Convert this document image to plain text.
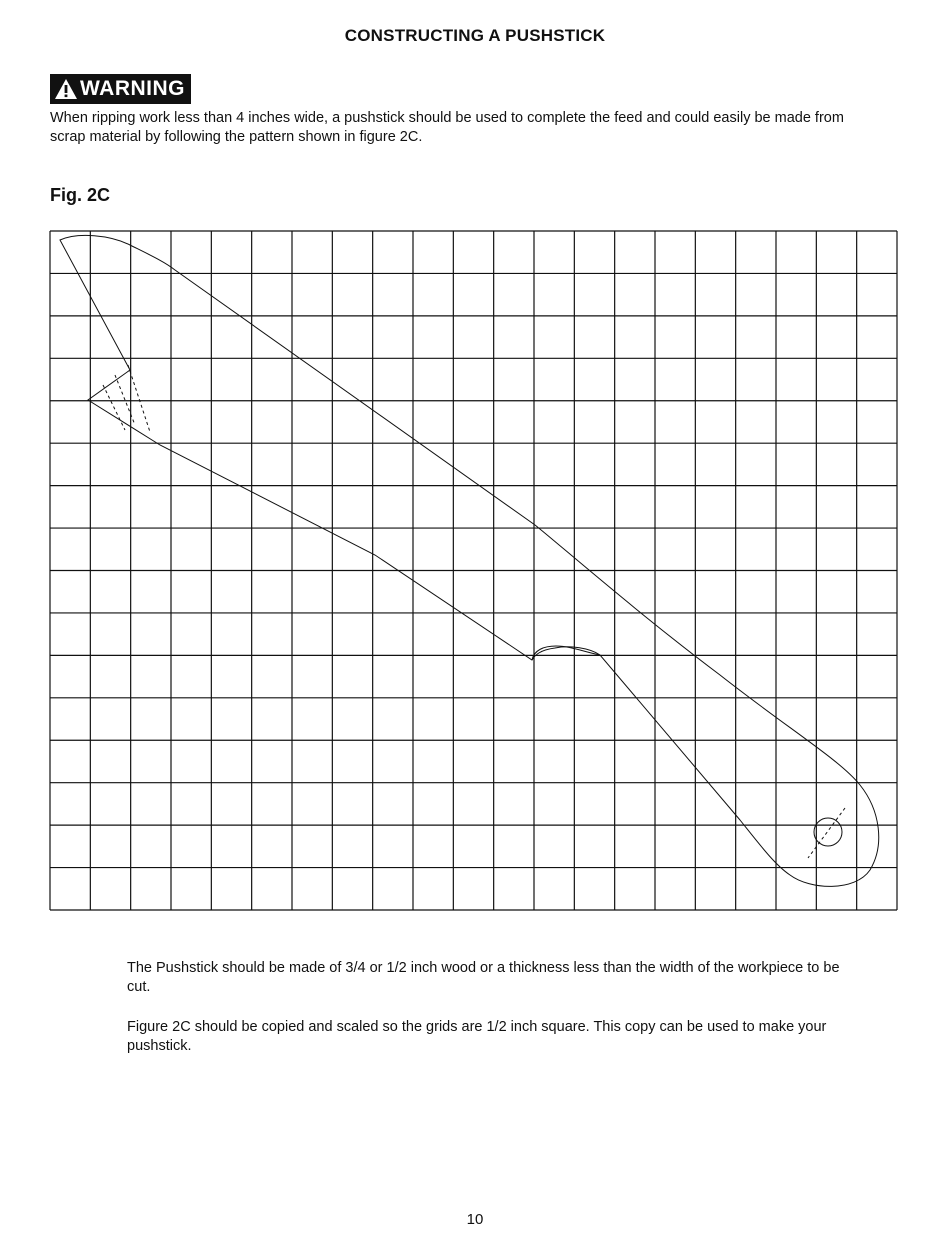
CONSTRUCTING A PUSHSTICK
WARNING
When ripping work less than 4 inches wide, a pushstick should be used to complete the feed and could easily be made from scrap material by following the pattern shown in figure 2C.
Fig. 2C
The Pushstick should be made of 3/4 or 1/2 inch wood or a thickness less than the width of the workpiece to be cut.
Figure 2C should be copied and scaled so the grids are 1/2 inch square. This copy can be used to make your pushstick.
10
